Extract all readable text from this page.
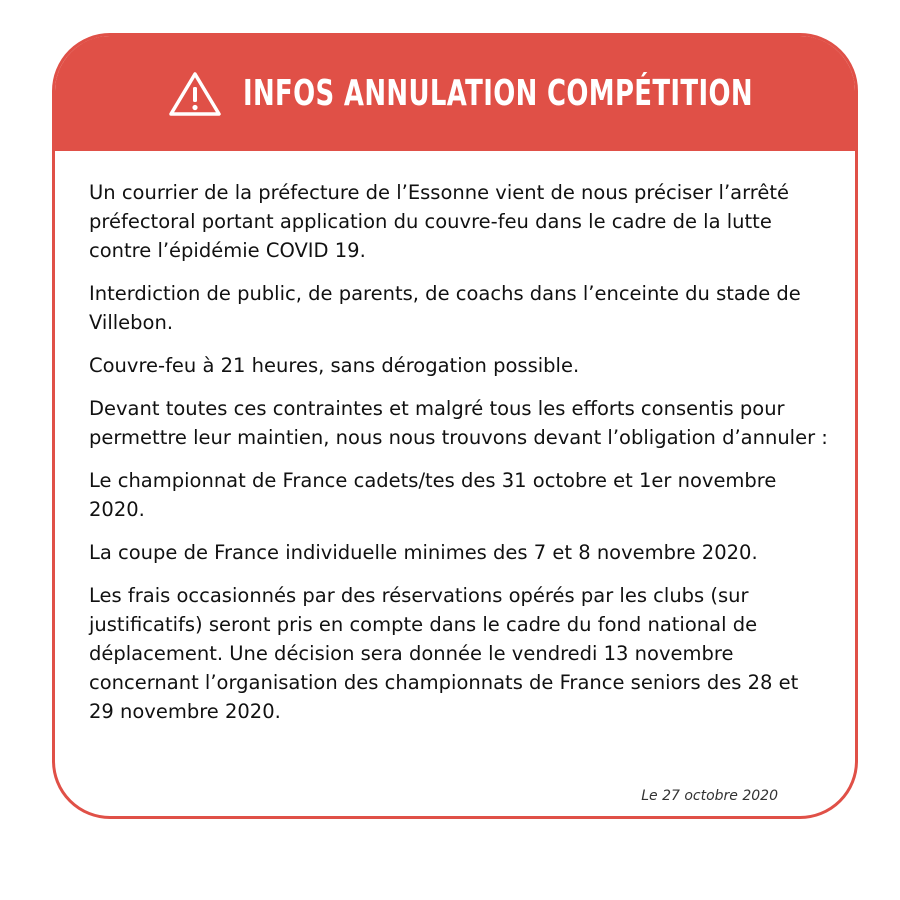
INFOS ANNULATION COMPÉTITION

Un courrier de la préfecture de l’Essonne vient de nous préciser l’arrêté préfectoral portant application du couvre-feu dans le cadre de la lutte contre l’épidémie COVID 19.

Interdiction de public, de parents, de coachs dans l’enceinte du stade de Villebon.

Couvre-feu à 21 heures, sans dérogation possible.

Devant toutes ces contraintes et malgré tous les efforts consentis pour permettre leur maintien, nous nous trouvons devant l’obligation d’annuler :

Le championnat de France cadets/tes des 31 octobre et 1er novembre 2020.

La coupe de France individuelle minimes des 7 et 8 novembre 2020.

Les frais occasionnés par des réservations opérés par les clubs (sur justificatifs) seront pris en compte dans le cadre du fond national de déplacement. Une décision sera donnée le vendredi 13 novembre concernant l’organisation des championnats de France seniors des 28 et 29 novembre 2020.

Le 27 octobre 2020
